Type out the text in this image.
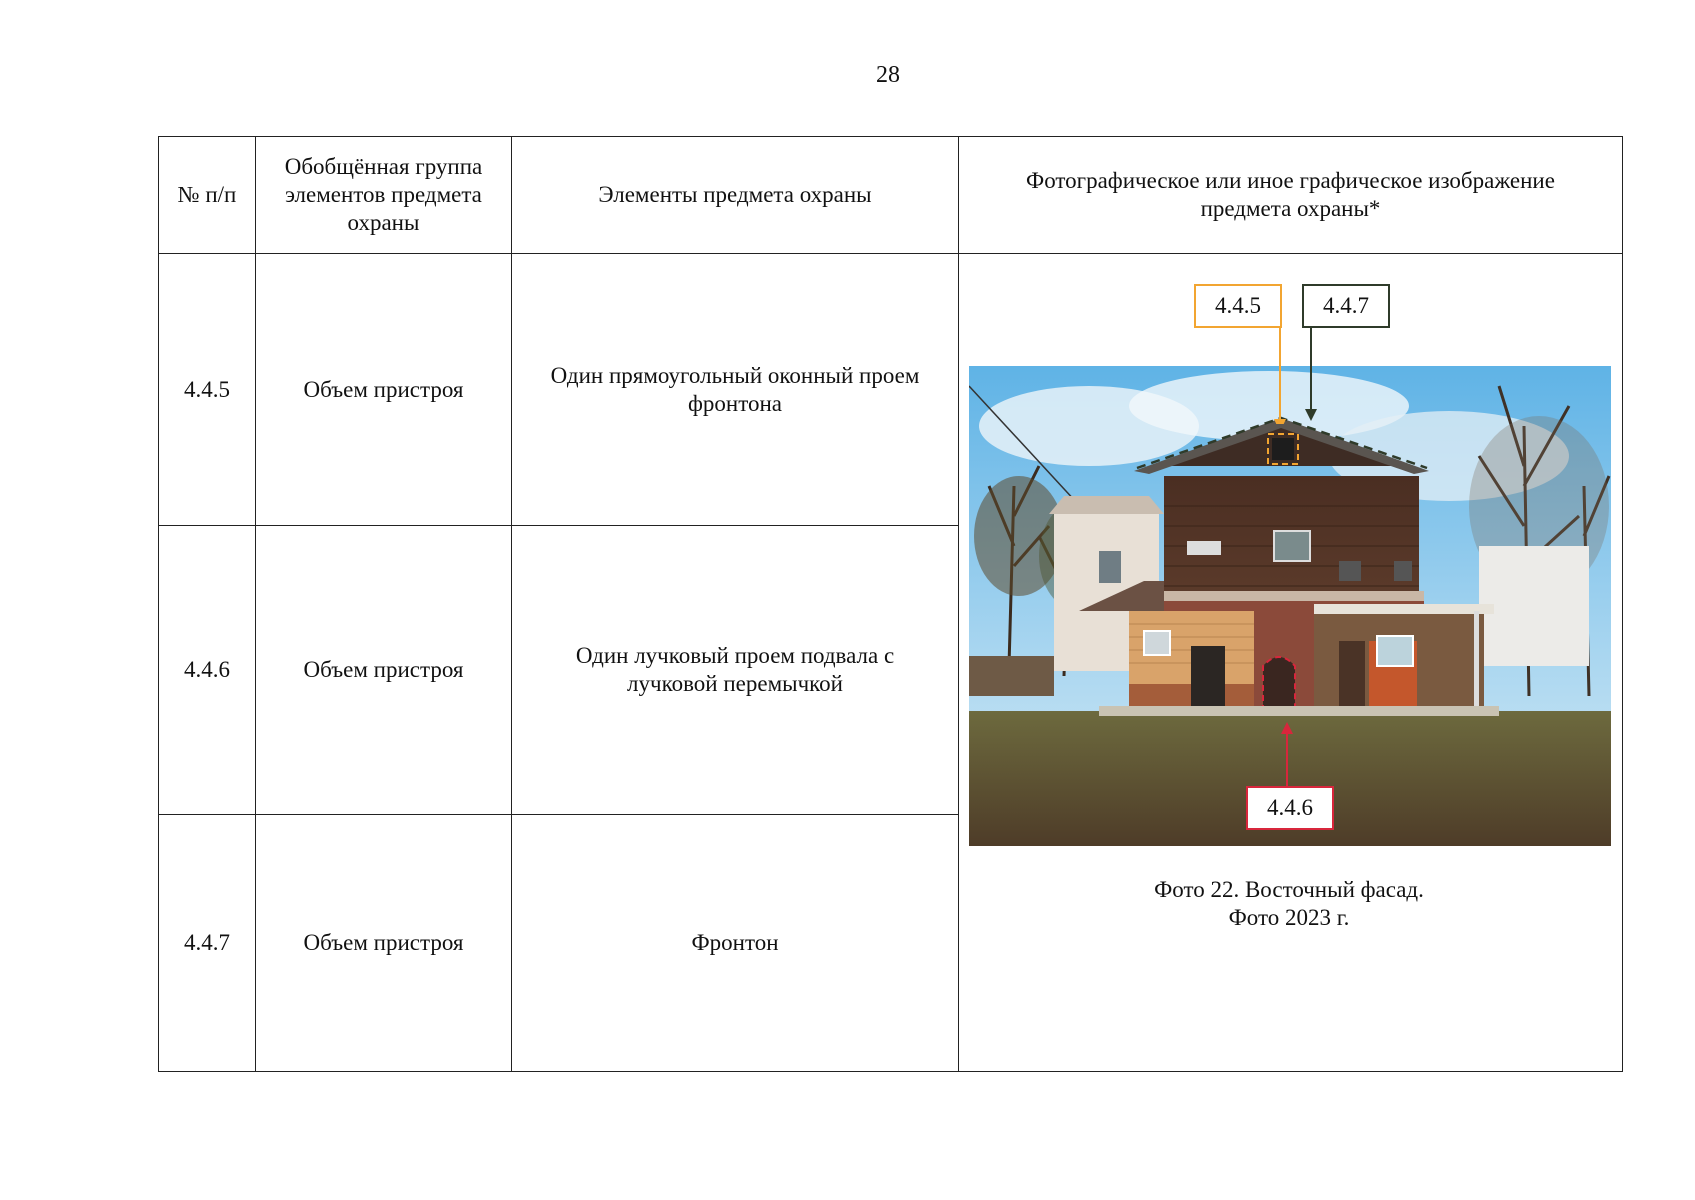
28
№ п/п	Обобщённая группа элементов предмета охраны	Элементы предмета охраны	Фотографическое или иное графическое изображение предмета охраны*
4.4.5	Объем пристроя	Один прямоугольный оконный проем фронтона	4.4.5 4.4.7
4.4.6
Фото 22. Восточный фасад.
Фото 2023 г.

4.4.6	Объем пристроя	Один лучковый проем подвала с лучковой перемычкой	
4.4.7	Объем пристроя	Фронтон	
